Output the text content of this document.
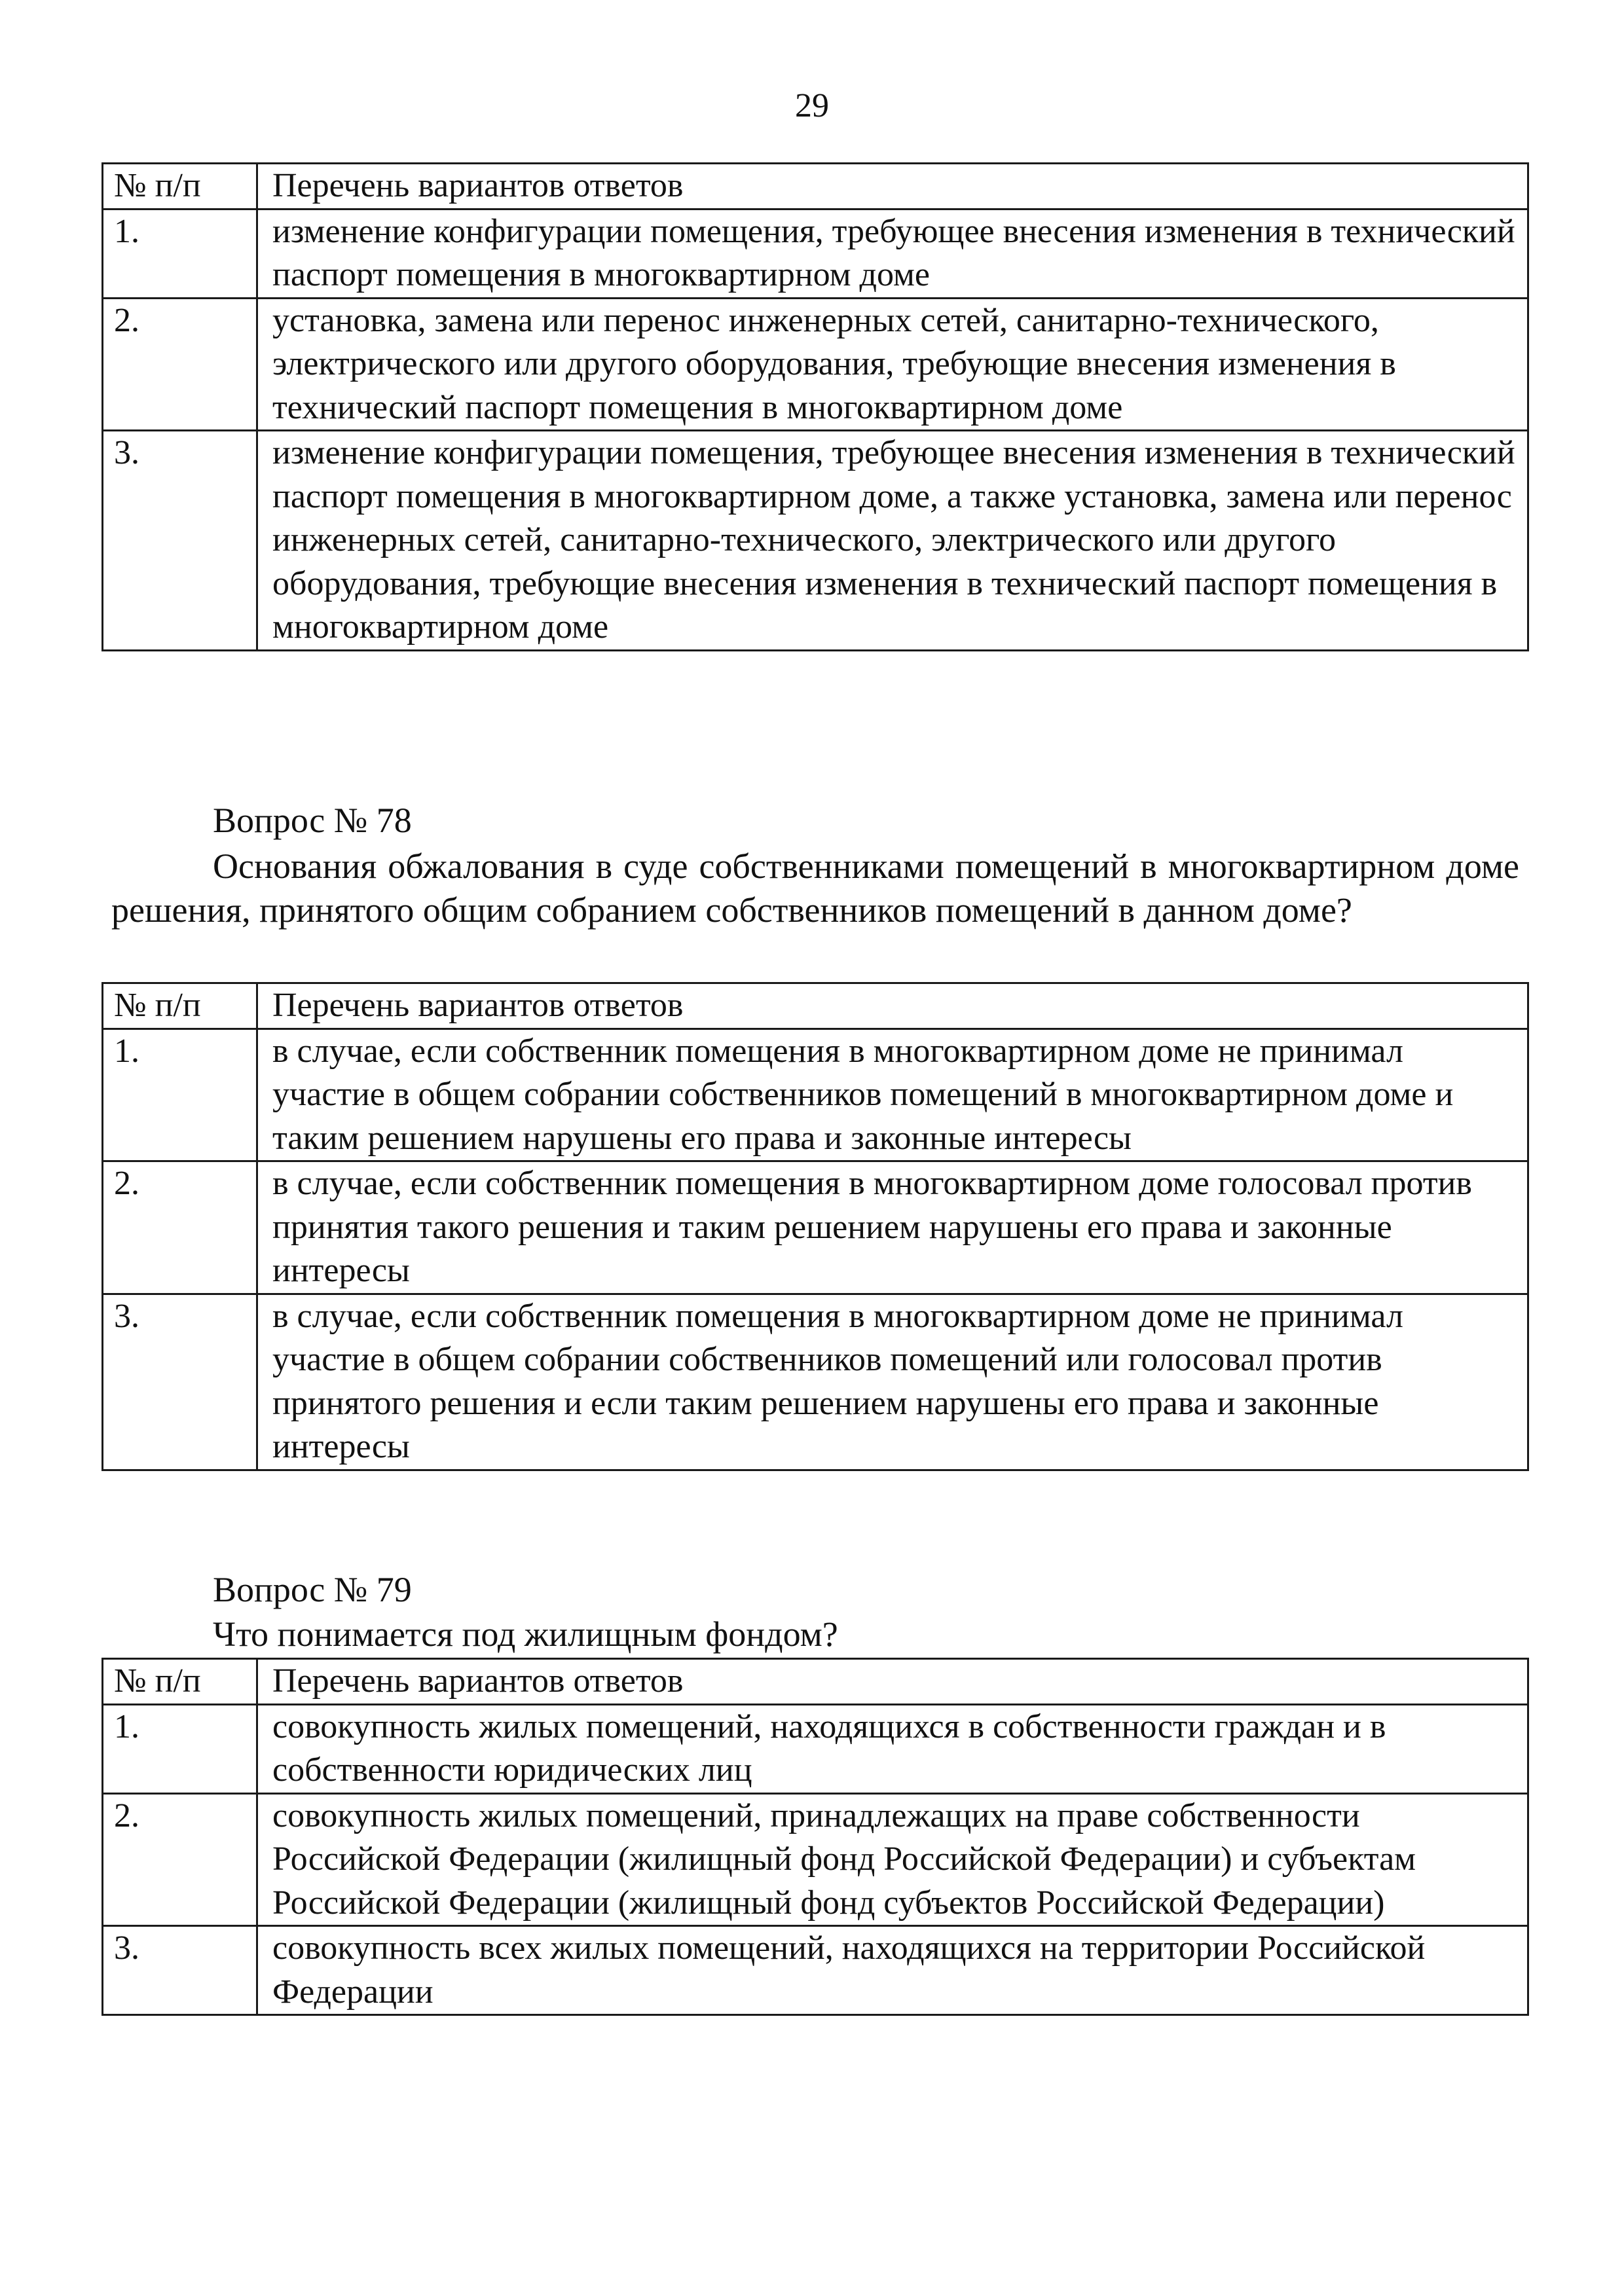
29
№ п/п	Перечень вариантов ответов
1.	изменение конфигурации помещения, требующее внесения изменения в технический паспорт помещения в многоквартирном доме
2.	установка, замена или перенос инженерных сетей, санитарно-технического, электрического или другого оборудования, требующие внесения изменения в технический паспорт помещения в многоквартирном доме
3.	изменение конфигурации помещения, требующее внесения изменения в технический паспорт помещения в многоквартирном доме, а также установка, замена или перенос инженерных сетей, санитарно-технического, электрического или другого оборудования, требующие внесения изменения в технический паспорт помещения в многоквартирном доме
Вопрос № 78
Основания обжалования в суде собственниками помещений в многоквартирном доме решения, принятого общим собранием собственников помещений в данном доме?
№ п/п	Перечень вариантов ответов
1.	в случае, если собственник помещения в многоквартирном доме не принимал участие в общем собрании собственников помещений в многоквартирном доме и таким решением нарушены его права и законные интересы
2.	в случае, если собственник помещения в многоквартирном доме голосовал против принятия такого решения и таким решением нарушены его права и законные интересы
3.	в случае, если собственник помещения в многоквартирном доме не принимал участие в общем собрании собственников помещений или голосовал против принятого решения и если таким решением нарушены его права и законные интересы
Вопрос № 79
Что понимается под жилищным фондом?
№ п/п	Перечень вариантов ответов
1.	совокупность жилых помещений, находящихся в собственности граждан и в собственности юридических лиц
2.	совокупность жилых помещений, принадлежащих на праве собственности Российской Федерации (жилищный фонд Российской Федерации) и субъектам Российской Федерации (жилищный фонд субъектов Российской Федерации)
3.	совокупность всех жилых помещений, находящихся на территории Российской Федерации
